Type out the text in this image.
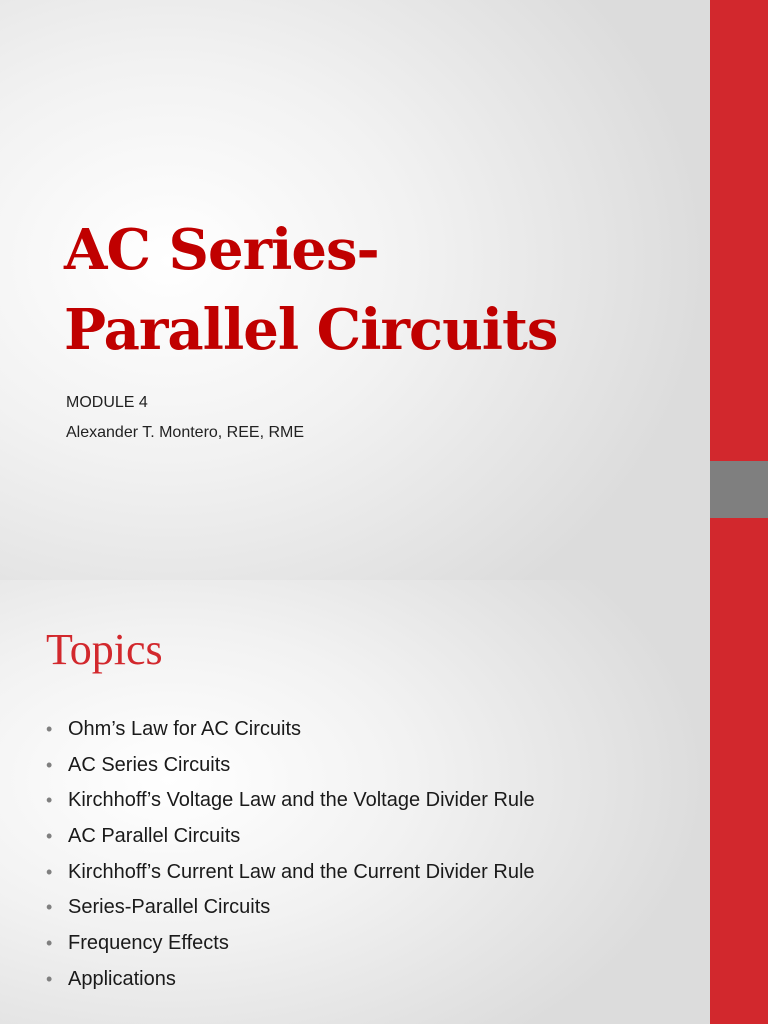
AC Series-
Parallel Circuits
MODULE 4
Alexander T. Montero, REE, RME
Topics
• Ohm’s Law for AC Circuits
• AC Series Circuits
• Kirchhoff’s Voltage Law and the Voltage Divider Rule
• AC Parallel Circuits
• Kirchhoff’s Current Law and the Current Divider Rule
• Series-Parallel Circuits
• Frequency Effects
• Applications
